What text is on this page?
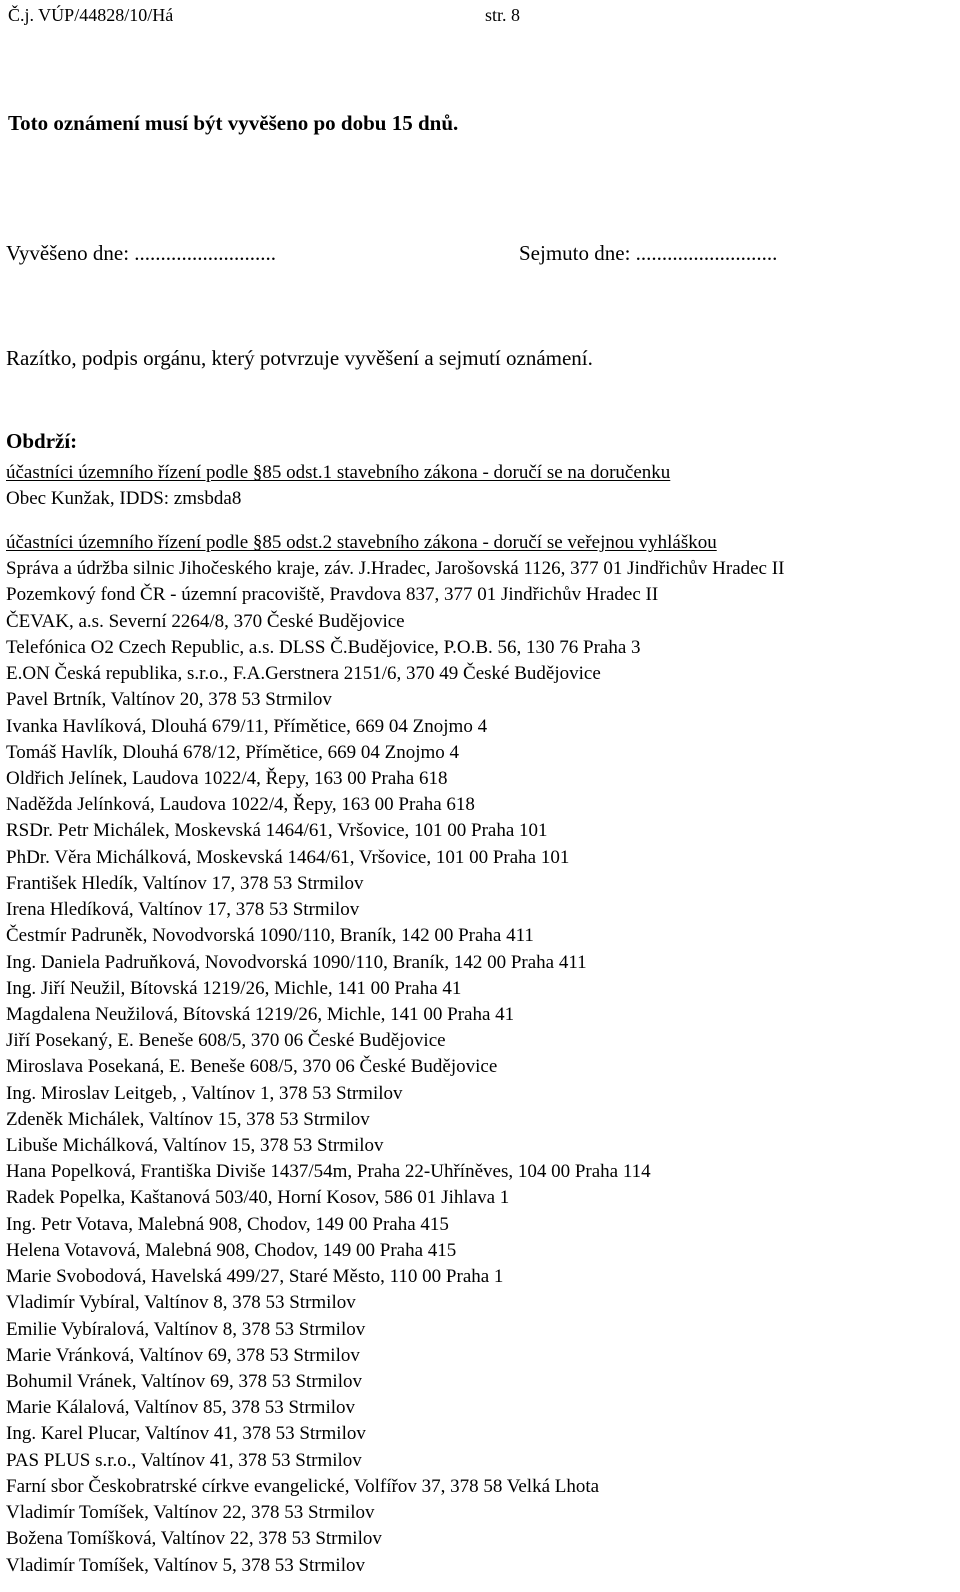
Č.j. VÚP/44828/10/Há	str. 8
Toto oznámení musí být vyvěšeno po dobu 15 dnů.
Vyvěšeno dne: ...........................	Sejmuto dne: ...........................
Razítko, podpis orgánu, který potvrzuje vyvěšení a sejmutí oznámení.
Obdrží:
účastníci územního řízení podle §85 odst.1 stavebního zákona - doručí se na doručenku
Obec Kunžak, IDDS: zmsbda8
účastníci územního řízení podle §85 odst.2 stavebního zákona - doručí se veřejnou vyhláškou
Správa a údržba silnic Jihočeského kraje, záv. J.Hradec, Jarošovská 1126, 377 01 Jindřichův Hradec II
Pozemkový fond ČR - územní pracoviště, Pravdova 837, 377 01 Jindřichův Hradec II
ČEVAK, a.s. Severní 2264/8, 370 České Budějovice
Telefónica O2 Czech Republic, a.s. DLSS Č.Budějovice, P.O.B. 56, 130 76 Praha 3
E.ON Česká republika, s.r.o., F.A.Gerstnera 2151/6, 370 49 České Budějovice
Pavel Brtník, Valtínov 20, 378 53 Strmilov
Ivanka Havlíková, Dlouhá 679/11, Přímětice, 669 04 Znojmo 4
Tomáš Havlík, Dlouhá 678/12, Přímětice, 669 04 Znojmo 4
Oldřich Jelínek, Laudova 1022/4, Řepy, 163 00 Praha 618
Naděžda Jelínková, Laudova 1022/4, Řepy, 163 00 Praha 618
RSDr. Petr Michálek, Moskevská 1464/61, Vršovice, 101 00 Praha 101
PhDr. Věra Michálková, Moskevská 1464/61, Vršovice, 101 00 Praha 101
František Hledík, Valtínov 17, 378 53 Strmilov
Irena Hledíková, Valtínov 17, 378 53 Strmilov
Čestmír Padruněk, Novodvorská 1090/110, Braník, 142 00 Praha 411
Ing. Daniela Padruňková, Novodvorská 1090/110, Braník, 142 00 Praha 411
Ing. Jiří Neužil, Bítovská 1219/26, Michle, 141 00 Praha 41
Magdalena Neužilová, Bítovská 1219/26, Michle, 141 00 Praha 41
Jiří Posekaný, E. Beneše 608/5, 370 06 České Budějovice
Miroslava Posekaná, E. Beneše 608/5, 370 06 České Budějovice
Ing. Miroslav Leitgeb, , Valtínov 1, 378 53 Strmilov
Zdeněk Michálek, Valtínov 15, 378 53 Strmilov
Libuše Michálková, Valtínov 15, 378 53 Strmilov
Hana Popelková, Františka Diviše 1437/54m, Praha 22-Uhříněves, 104 00 Praha 114
Radek Popelka, Kaštanová 503/40, Horní Kosov, 586 01 Jihlava 1
Ing. Petr Votava, Malebná 908, Chodov, 149 00 Praha 415
Helena Votavová, Malebná 908, Chodov, 149 00 Praha 415
Marie Svobodová, Havelská 499/27, Staré Město, 110 00 Praha 1
Vladimír Vybíral, Valtínov 8, 378 53 Strmilov
Emilie Vybíralová, Valtínov 8, 378 53 Strmilov
Marie Vránková, Valtínov 69, 378 53 Strmilov
Bohumil Vránek, Valtínov 69, 378 53 Strmilov
Marie Kálalová, Valtínov 85, 378 53 Strmilov
Ing. Karel Plucar, Valtínov 41, 378 53 Strmilov
PAS PLUS s.r.o., Valtínov 41, 378 53 Strmilov
Farní sbor Českobratrské církve evangelické, Volfířov 37, 378 58 Velká Lhota
Vladimír Tomíšek, Valtínov 22, 378 53 Strmilov
Božena Tomíšková, Valtínov 22, 378 53 Strmilov
Vladimír Tomíšek, Valtínov 5, 378 53 Strmilov
